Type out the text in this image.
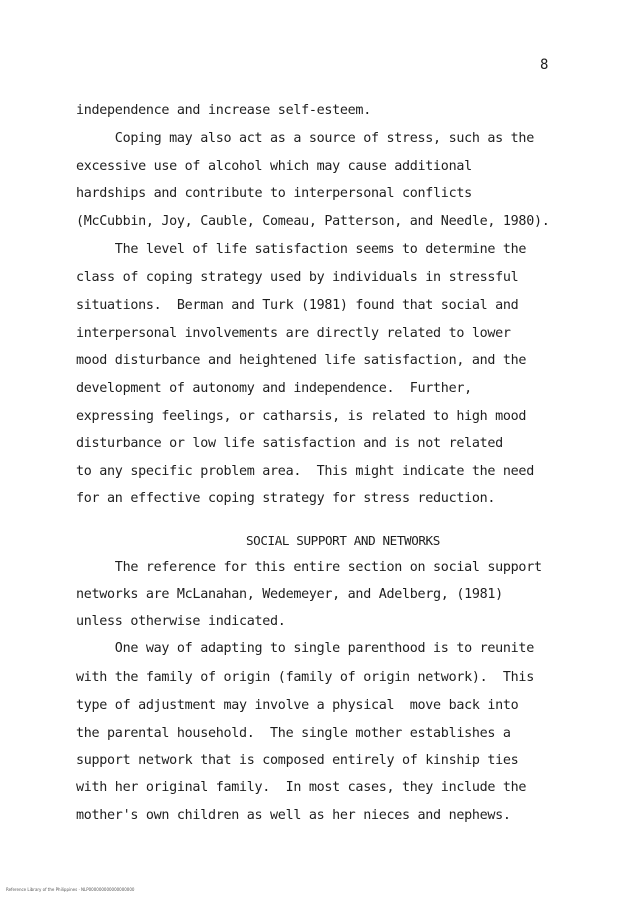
8
independence and increase self-esteem.
Coping may also act as a source of stress, such as the
excessive use of alcohol which may cause additional
hardships and contribute to interpersonal conflicts
(McCubbin, Joy, Cauble, Comeau, Patterson, and Needle, 1980).
The level of life satisfaction seems to determine the
class of coping strategy used by individuals in stressful
situations.  Berman and Turk (1981) found that social and
interpersonal involvements are directly related to lower
mood disturbance and heightened life satisfaction, and the
development of autonomy and independence.  Further,
expressing feelings, or catharsis, is related to high mood
disturbance or low life satisfaction and is not related
to any specific problem area.  This might indicate the need
for an effective coping strategy for stress reduction.
SOCIAL SUPPORT AND NETWORKS
The reference for this entire section on social support
networks are McLanahan, Wedemeyer, and Adelberg, (1981)
unless otherwise indicated.
One way of adapting to single parenthood is to reunite
with the family of origin (family of origin network).  This
type of adjustment may involve a physical  move back into
the parental household.  The single mother establishes a
support network that is composed entirely of kinship ties
with her original family.  In most cases, they include the
mother's own children as well as her nieces and nephews.
Reference Library of the Philippines · NLP000000000000000000
